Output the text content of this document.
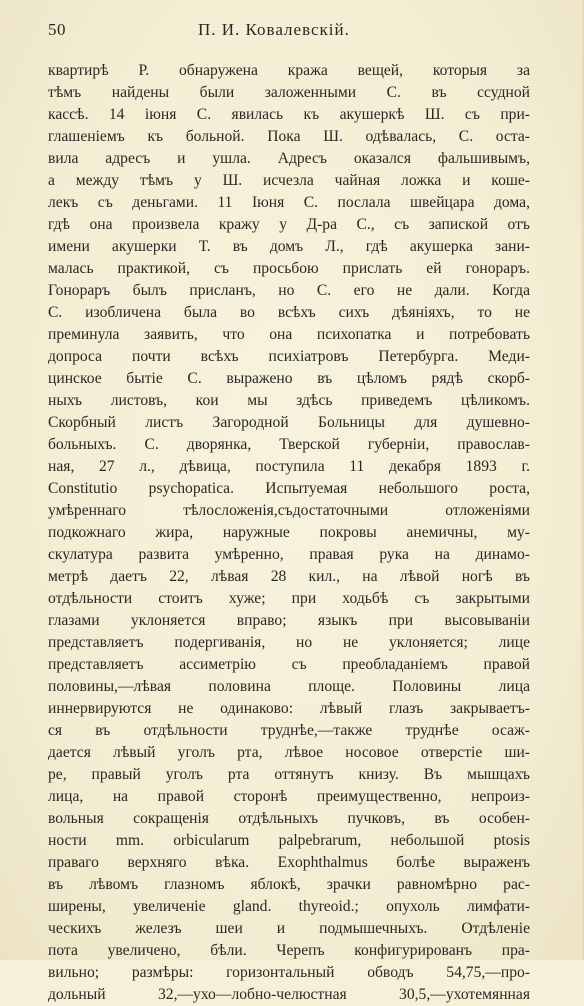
50	П. И. Ковалевскій.
квартирѣ Р. обнаружена кража вещей, которыя за
тѣмъ найдены были заложенными С. въ ссудной
кассѣ. 14 іюня С. явилась къ акушеркѣ Ш. съ при-
глашеніемъ къ больной. Пока Ш. одѣвалась, С. оста-
вила адресъ и ушла. Адресъ оказался фальшивымъ,
а между тѣмъ у Ш. исчезла чайная ложка и коше-
лекъ съ деньгами. 11 Іюня С. послала швейцара дома,
гдѣ она произвела кражу у Д-ра С., съ запиской отъ
имени акушерки Т. въ домъ Л., гдѣ акушерка зани-
малась практикой, съ просьбою прислать ей гонораръ.
Гонораръ былъ присланъ, но С. его не дали. Когда
С. изобличена была во всѣхъ сихъ дѣяніяхъ, то не
преминула заявить, что она психопатка и потребовать
допроса почти всѣхъ психіатровъ Петербурга. Меди-
цинское бытіе С. выражено въ цѣломъ рядѣ скорб-
ныхъ листовъ, кои мы здѣсь приведемъ цѣликомъ.
Скорбный листъ Загородной Больницы для душевно-
больныхъ. С. дворянка, Тверской губерніи, правослaв-
ная, 27 л., дѣвица, поступила 11 декабря 1893 г.
Constitutio psychopatica. Испытуемая небольшого роста,
умѣреннаго тѣлосложенія,съдостаточными отложеніями
подкожнаго жира, наружные покровы анемичны, му-
скулатура развита умѣренно, правая рука на динамо-
метрѣ даетъ 22, лѣвая 28 кил., на лѣвой ногѣ въ
отдѣльности стоитъ хуже; при ходьбѣ съ закрытыми
глазами уклоняется вправо; языкъ при высовываніи
представляетъ подергиванія, но не уклоняется; лице
представляетъ ассиметрію съ преобладаніемъ правой
половины,—лѣвая половина площе. Половины лица
иннервируются не одинаково: лѣвый глазъ закрываетъ-
ся въ отдѣльности труднѣе,—также труднѣе осаж-
дается лѣвый уголъ рта, лѣвое носовое отверстіе ши-
ре, правый уголъ рта оттянутъ книзу. Въ мышцахъ
лица, на правой сторонѣ преимущественно, непроиз-
вольныя сокращенія отдѣльныхъ пучковъ, въ особен-
ности mm. orbicularum palpebrarum, небольшой ptosis
праваго верхняго вѣка. Exophthalmus болѣе выраженъ
въ лѣвомъ глазномъ яблокѣ, зрачки равномѣрно рас-
ширены, увеличеніе gland. thyreoid.; опухоль лимфати-
ческихъ железъ шеи и подмышечныхъ. Отдѣленіе
пота увеличено, бѣли. Черепъ конфигурированъ пра-
вильно; размѣры: горизонтальный обводъ 54,75,—про-
дольный 32,—ухо—лобно-челюстная 30,5,—ухотемянная
